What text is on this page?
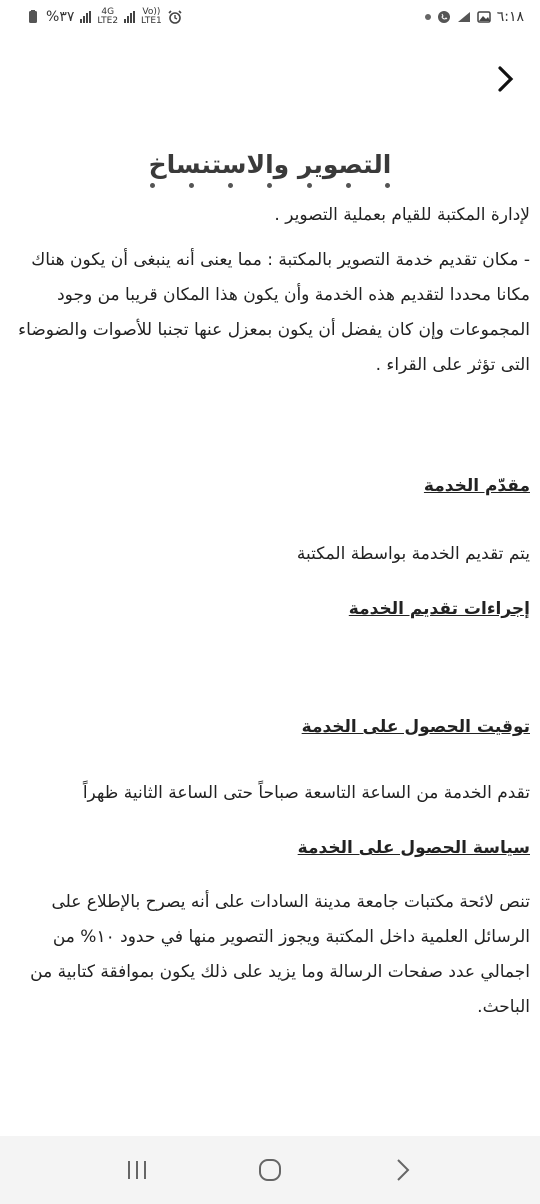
%٣٧	4G
LTE2
Vo))
LTE1	٦:١٨
التصوير والاستنساخ

لإدارة المكتبة للقيام بعملية التصوير .

- مكان تقديم خدمة التصوير بالمكتبة : مما يعنى أنه ينبغى أن يكون هناك مكانا محددا لتقديم هذه الخدمة وأن يكون هذا المكان قريبا من وجود المجموعات وإن كان يفضل أن يكون بمعزل عنها تجنبا للأصوات والضوضاء التى تؤثر على القراء .

مقدّم الخدمة

يتم تقديم الخدمة بواسطة المكتبة

إجراءات تقديم الخدمة

توقيت الحصول على الخدمة

تقدم الخدمة من الساعة التاسعة صباحاً حتى الساعة الثانية ظهراً

سياسة الحصول على الخدمة

تنص لائحة مكتبات جامعة مدينة السادات على أنه يصرح بالإطلاع على الرسائل العلمية داخل المكتبة ويجوز التصوير منها في حدود ١٠% من اجمالي عدد صفحات الرسالة وما يزيد على ذلك يكون بموافقة كتابية من الباحث.
